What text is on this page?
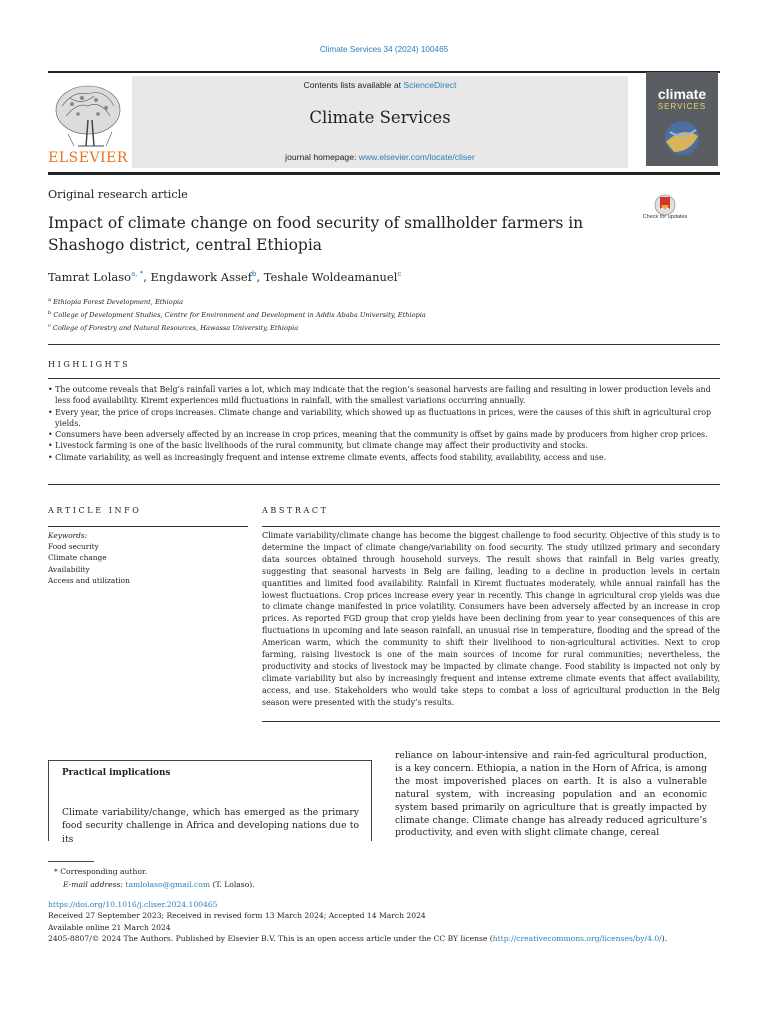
Climate Services 34 (2024) 100465
ELSEVIER
Contents lists available at ScienceDirect
Climate Services
journal homepage: www.elsevier.com/locate/cliser
climate
SERVICES
Original research article
Impact of climate change on food security of smallholder farmers in Shashogo district, central Ethiopia
Check for updates
Tamrat Lolaso$^{a, *}$, Engdawork Assef$^b$, Teshale Woldeamanuel$^c$
$^a$ Ethiopia Forest Development, Ethiopia
$^b$ College of Development Studies, Centre for Environment and Development in Addis Ababa University, Ethiopia
$^c$ College of Forestry and Natural Resources, Hawassa University, Ethiopia
HIGHLIGHTS
• The outcome reveals that Belg’s rainfall varies a lot, which may indicate that the region’s seasonal harvests are failing and resulting in lower production levels and less food availability. Kiremt experiences mild fluctuations in rainfall, with the smallest variations occurring annually.
• Every year, the price of crops increases. Climate change and variability, which showed up as fluctuations in prices, were the causes of this shift in agricultural crop yields.
• Consumers have been adversely affected by an increase in crop prices, meaning that the community is offset by gains made by producers from higher crop prices.
• Livestock farming is one of the basic livelihoods of the rural community, but climate change may affect their productivity and stocks.
• Climate variability, as well as increasingly frequent and intense extreme climate events, affects food stability, availability, access and use.
ARTICLE INFO	ABSTRACT
Keywords:
Food security
Climate change
Availability
Access and utilization
Climate variability/climate change has become the biggest challenge to food security. Objective of this study is to determine the impact of climate change/variability on food security. The study utilized primary and secondary data sources obtained through household surveys. The result shows that rainfall in Belg varies greatly, suggesting that seasonal harvests in Belg are failing, leading to a decline in production levels in certain quantities and limited food availability. Rainfall in Kiremt fluctuates moderately, while annual rainfall has the lowest fluctuations. Crop prices increase every year in recently. This change in agricultural crop yields was due to climate change manifested in price volatility. Consumers have been adversely affected by an increase in crop prices. As reported FGD group that crop yields have been declining from year to year consequences of this are fluctuations in upcoming and late season rainfall, an unusual rise in temperature, flooding and the spread of the American warm, which the community to shift their livelihood to non-agricultural activities. Next to crop farming, raising livestock is one of the main sources of income for rural communities; nevertheless, the productivity and stocks of livestock may be impacted by climate change. Food stability is impacted not only by climate variability but also by increasingly frequent and intense extreme climate events that affect availability, access, and use. Stakeholders who would take steps to combat a loss of agricultural production in the Belg season were presented with the study’s results.
Practical implications
Climate variability/change, which has emerged as the primary food security challenge in Africa and developing nations due to its
reliance on labour-intensive and rain-fed agricultural production, is a key concern. Ethiopia, a nation in the Horn of Africa, is among the most impoverished places on earth. It is also a vulnerable natural system, with increasing population and an economic system based primarily on agriculture that is greatly impacted by climate change. Climate change has already reduced agriculture’s productivity, and even with slight climate change, cereal
* Corresponding author.
E-mail address: tamlolaso@gmail.com (T. Lolaso).
https://doi.org/10.1016/j.cliser.2024.100465
Received 27 September 2023; Received in revised form 13 March 2024; Accepted 14 March 2024
Available online 21 March 2024
2405-8807/© 2024 The Authors. Published by Elsevier B.V. This is an open access article under the CC BY license (http://creativecommons.org/licenses/by/4.0/).
